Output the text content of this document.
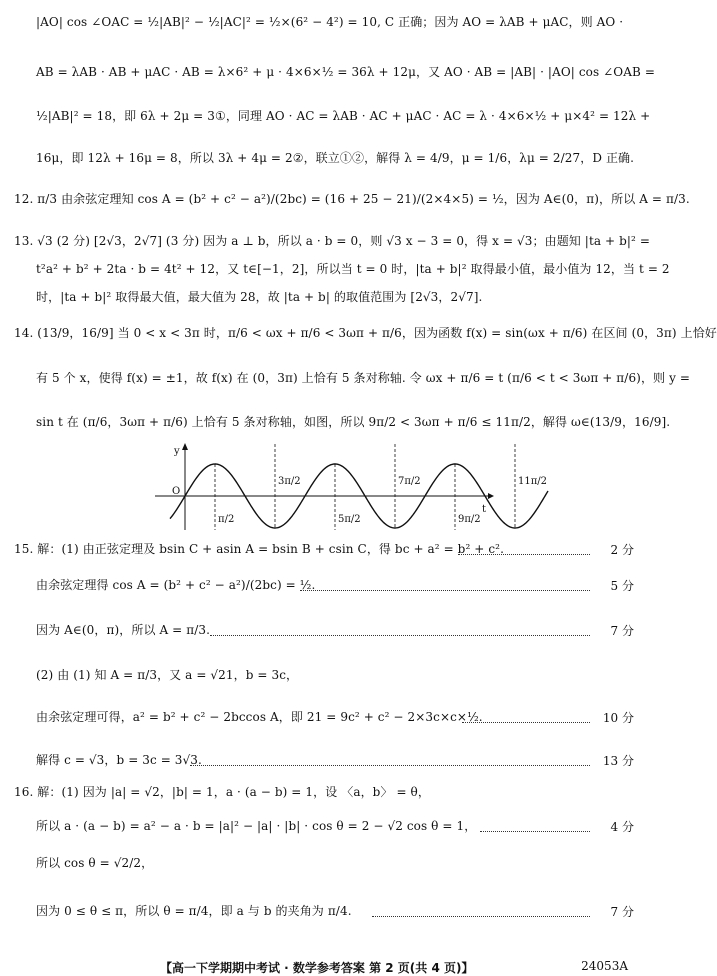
|AO| cos ∠OAC = ½|AB|² − ½|AC|² = ½×(6² − 4²) = 10, C 正确；因为 AO = λAB + μAC，则 AO ·
AB = λAB · AB + μAC · AB = λ×6² + μ · 4×6×½ = 36λ + 12μ，又 AO · AB = |AB| · |AO| cos ∠OAB =
½|AB|² = 18，即 6λ + 2μ = 3①，同理 AO · AC = λAB · AC + μAC · AC = λ · 4×6×½ + μ×4² = 12λ +
16μ，即 12λ + 16μ = 8，所以 3λ + 4μ = 2②，联立①②，解得 λ = 4/9，μ = 1/6，λμ = 2/27，D 正确.
12. π/3 由余弦定理知 cos A = (b² + c² − a²)/(2bc) = (16 + 25 − 21)/(2×4×5) = ½，因为 A∈(0，π)，所以 A = π/3.
13. √3 (2 分) [2√3，2√7] (3 分) 因为 a ⊥ b，所以 a · b = 0，则 √3 x − 3 = 0，得 x = √3；由题知 |ta + b|² =
t²a² + b² + 2ta · b = 4t² + 12，又 t∈[−1，2]，所以当 t = 0 时，|ta + b|² 取得最小值，最小值为 12，当 t = 2
时，|ta + b|² 取得最大值，最大值为 28，故 |ta + b| 的取值范围为 [2√3，2√7].
14. (13/9，16/9] 当 0 < x < 3π 时，π/6 < ωx + π/6 < 3ωπ + π/6，因为函数 f(x) = sin(ωx + π/6) 在区间 (0，3π) 上恰好
有 5 个 x，使得 f(x) = ±1，故 f(x) 在 (0，3π) 上恰有 5 条对称轴. 令 ωx + π/6 = t (π/6 < t < 3ωπ + π/6)，则 y =
sin t 在 (π/6，3ωπ + π/6) 上恰有 5 条对称轴，如图，所以 9π/2 < 3ωπ + π/6 ≤ 11π/2，解得 ω∈(13/9，16/9].
y
t
O
π/2	5π/2	9π/2
3π/2	7π/2	11π/2
15. 解：(1) 由正弦定理及 bsin C + asin A = bsin B + csin C，得 bc + a² = b² + c².	2 分
由余弦定理得 cos A = (b² + c² − a²)/(2bc) = ½.	5 分
因为 A∈(0，π)，所以 A = π/3.	7 分
(2) 由 (1) 知 A = π/3，又 a = √21，b = 3c，
由余弦定理可得，a² = b² + c² − 2bccos A，即 21 = 9c² + c² − 2×3c×c×½.	10 分
解得 c = √3，b = 3c = 3√3.	13 分
16. 解：(1) 因为 |a| = √2，|b| = 1，a · (a − b) = 1，设 〈a，b〉 = θ，
所以 a · (a − b) = a² − a · b = |a|² − |a| · |b| · cos θ = 2 − √2 cos θ = 1，	4 分
所以 cos θ = √2/2，
因为 0 ≤ θ ≤ π，所以 θ = π/4，即 a 与 b 的夹角为 π/4.	7 分
【高一下学期期中考试 · 数学参考答案 第 2 页(共 4 页)】	24053A
